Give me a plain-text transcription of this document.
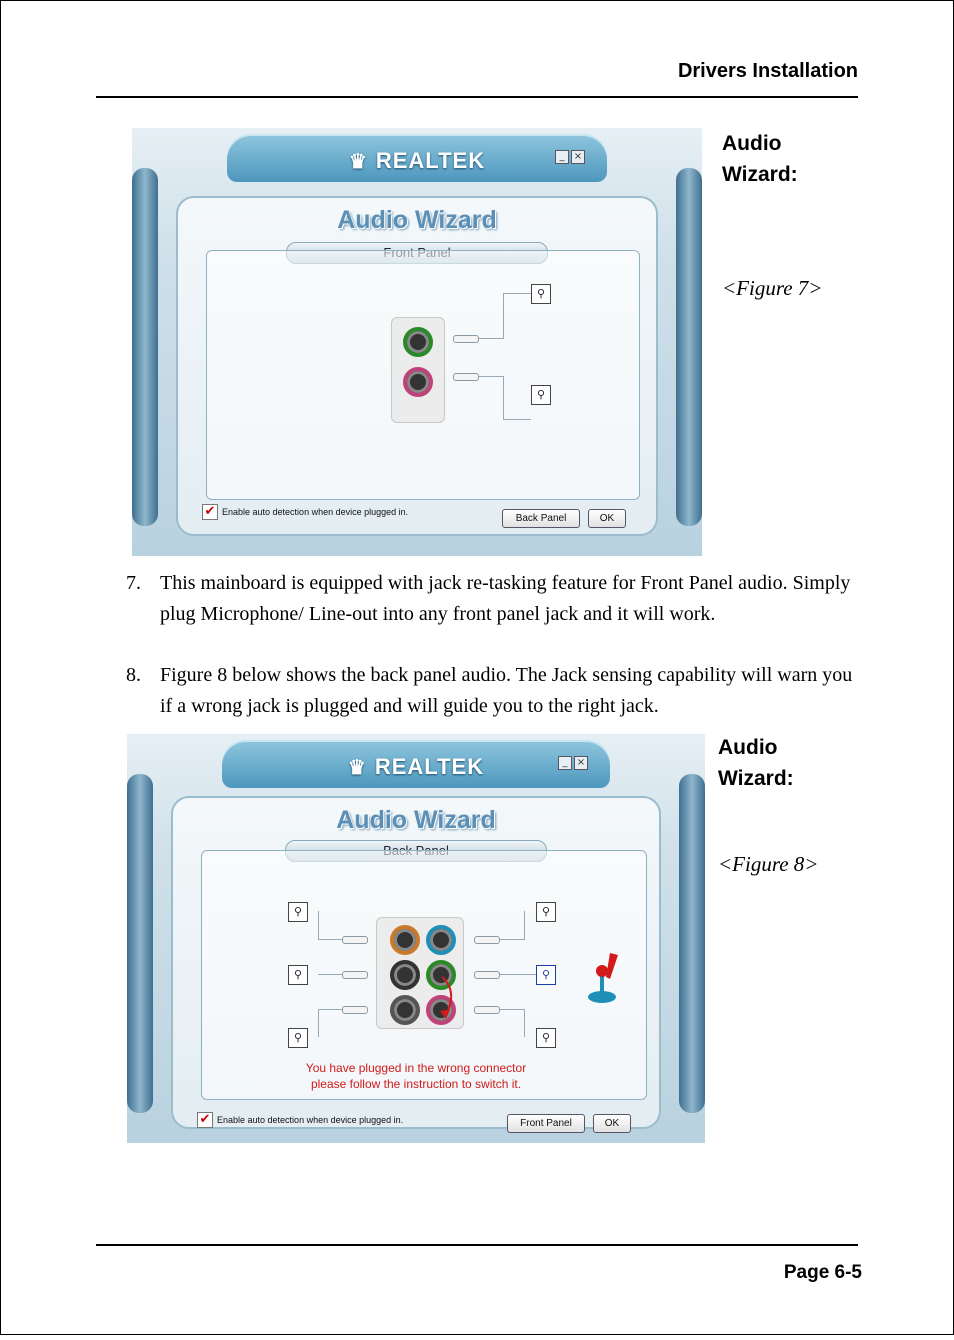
Drivers Installation
♛ REALTEK	_ ×
Audio Wizard
⚲
⚲
✔ Enable auto detection when device plugged in.
Back Panel	OK
Audio
Wizard:
<Figure 7>
7. This mainboard is equipped with jack re-tasking feature for Front Panel audio. Simply plug Microphone/ Line-out into any front panel jack and it will work.
8. Figure 8 below shows the back panel audio. The Jack sensing capability will warn you if a wrong jack is plugged and will guide you to the right jack.
♛ REALTEK	_ ×
Audio Wizard
⚲
⚲
⚲
⚲
⚲
⚲
You have plugged in the wrong connector
please follow the instruction to switch it.
✔ Enable auto detection when device plugged in.	Front Panel	OK
Audio
Wizard:
<Figure 8>
Page 6-5
